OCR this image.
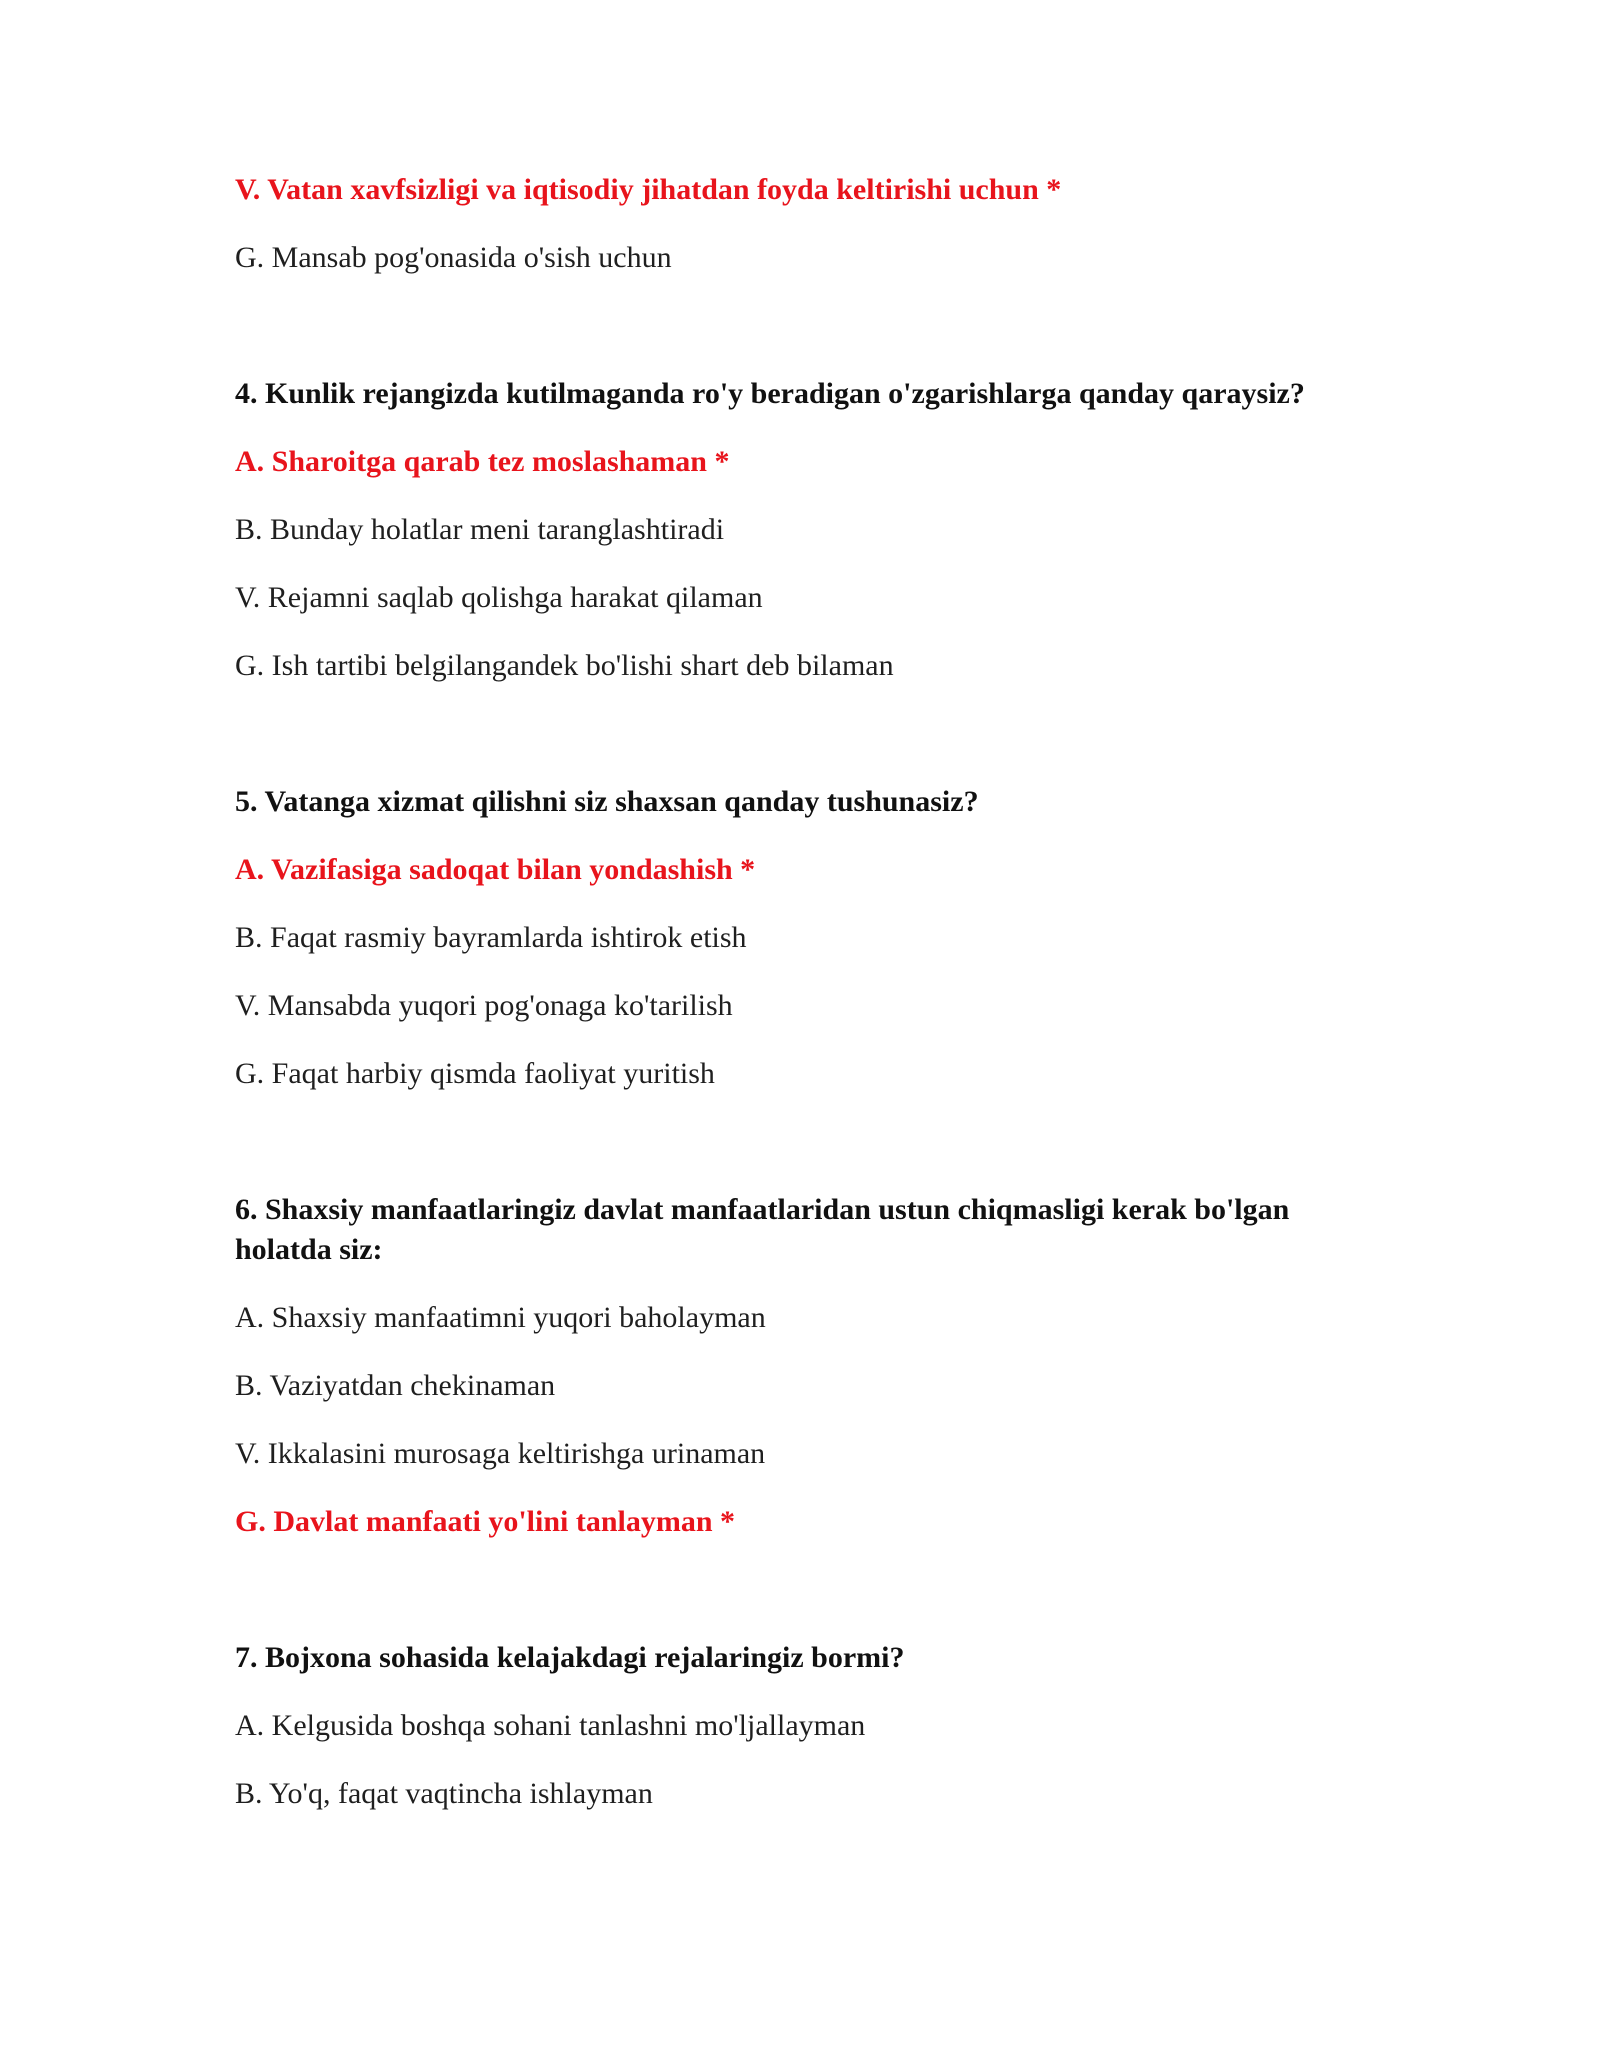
V. Vatan xavfsizligi va iqtisodiy jihatdan foyda keltirishi uchun *
G. Mansab pog'onasida o'sish uchun
4. Kunlik rejangizda kutilmaganda ro'y beradigan o'zgarishlarga qanday qaraysiz?
A. Sharoitga qarab tez moslashaman *
B. Bunday holatlar meni taranglashtiradi
V. Rejamni saqlab qolishga harakat qilaman
G. Ish tartibi belgilangandek bo'lishi shart deb bilaman
5. Vatanga xizmat qilishni siz shaxsan qanday tushunasiz?
A. Vazifasiga sadoqat bilan yondashish *
B. Faqat rasmiy bayramlarda ishtirok etish
V. Mansabda yuqori pog'onaga ko'tarilish
G. Faqat harbiy qismda faoliyat yuritish
6. Shaxsiy manfaatlaringiz davlat manfaatlaridan ustun chiqmasligi kerak bo'lgan holatda siz:
A. Shaxsiy manfaatimni yuqori baholayman
B. Vaziyatdan chekinaman
V. Ikkalasini murosaga keltirishga urinaman
G. Davlat manfaati yo'lini tanlayman *
7. Bojxona sohasida kelajakdagi rejalaringiz bormi?
A. Kelgusida boshqa sohani tanlashni mo'ljallayman
B. Yo'q, faqat vaqtincha ishlayman
